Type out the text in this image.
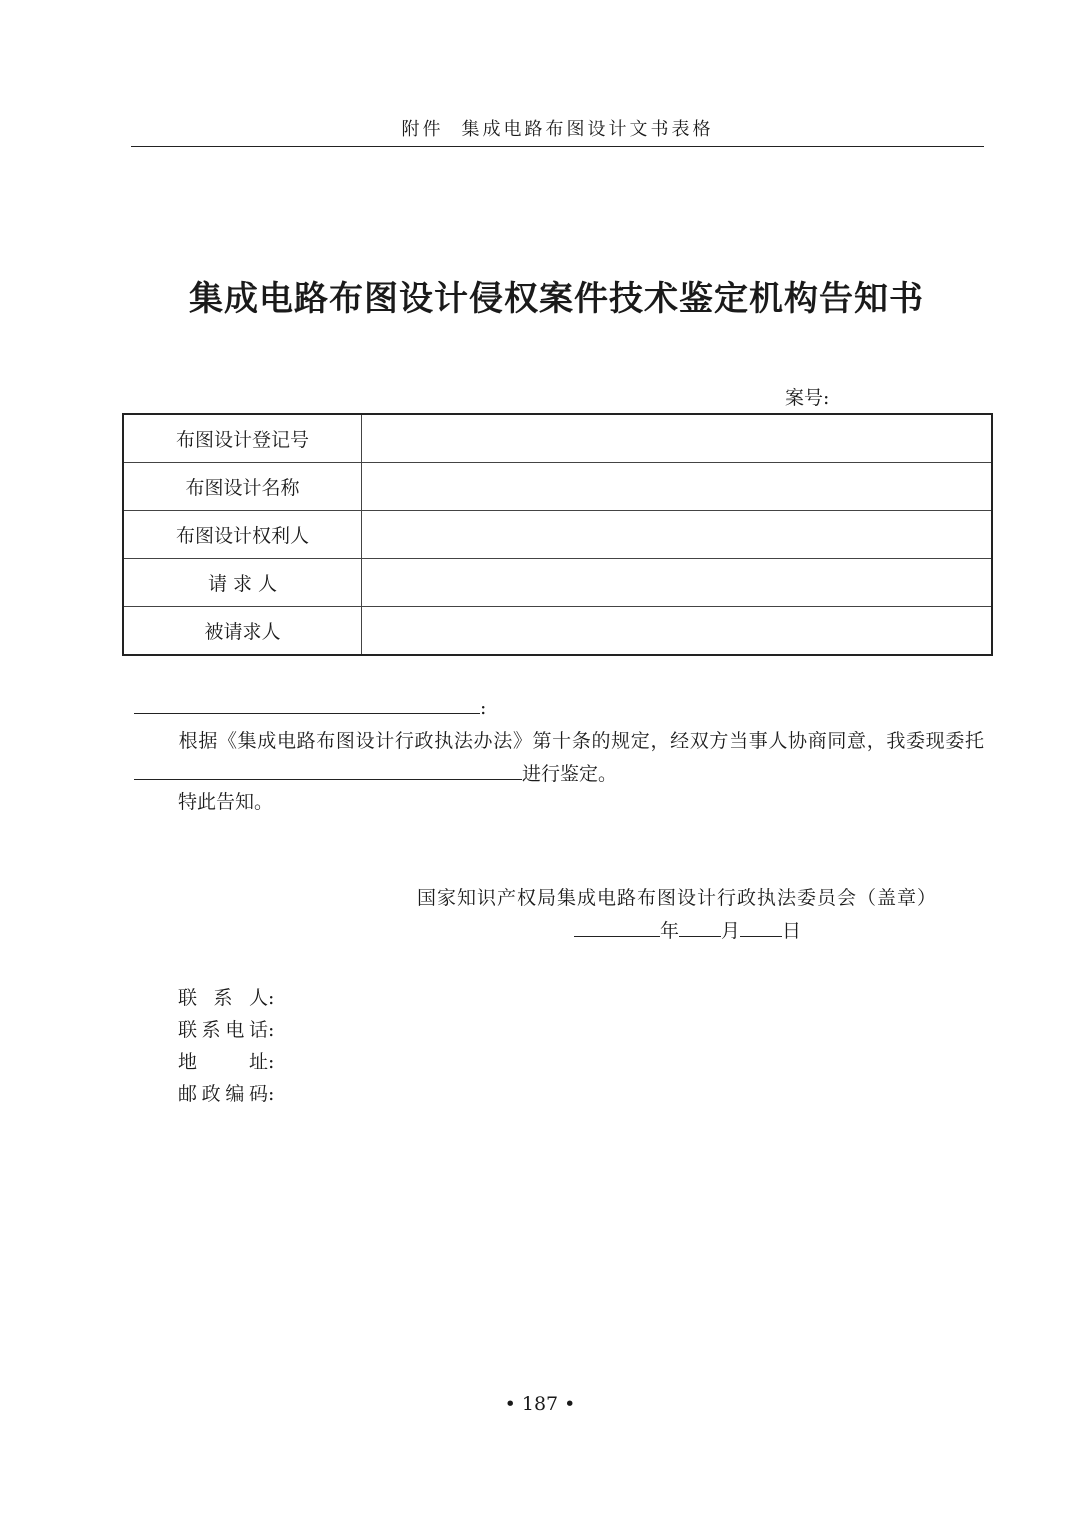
附件 集成电路布图设计文书表格
集成电路布图设计侵权案件技术鉴定机构告知书
案号:
布图设计登记号	
布图设计名称	
布图设计权利人	
请 求 人	
被请求人	
:
根据《集成电路布图设计行政执法办法》第十条的规定，经双方当事人协商同意，我委现委托进行鉴定。
特此告知。
国家知识产权局集成电路布图设计行政执法委员会（盖章）
年 月 日
联 系 人:
联系电话:
地 址:
邮政编码:
• 187 •
